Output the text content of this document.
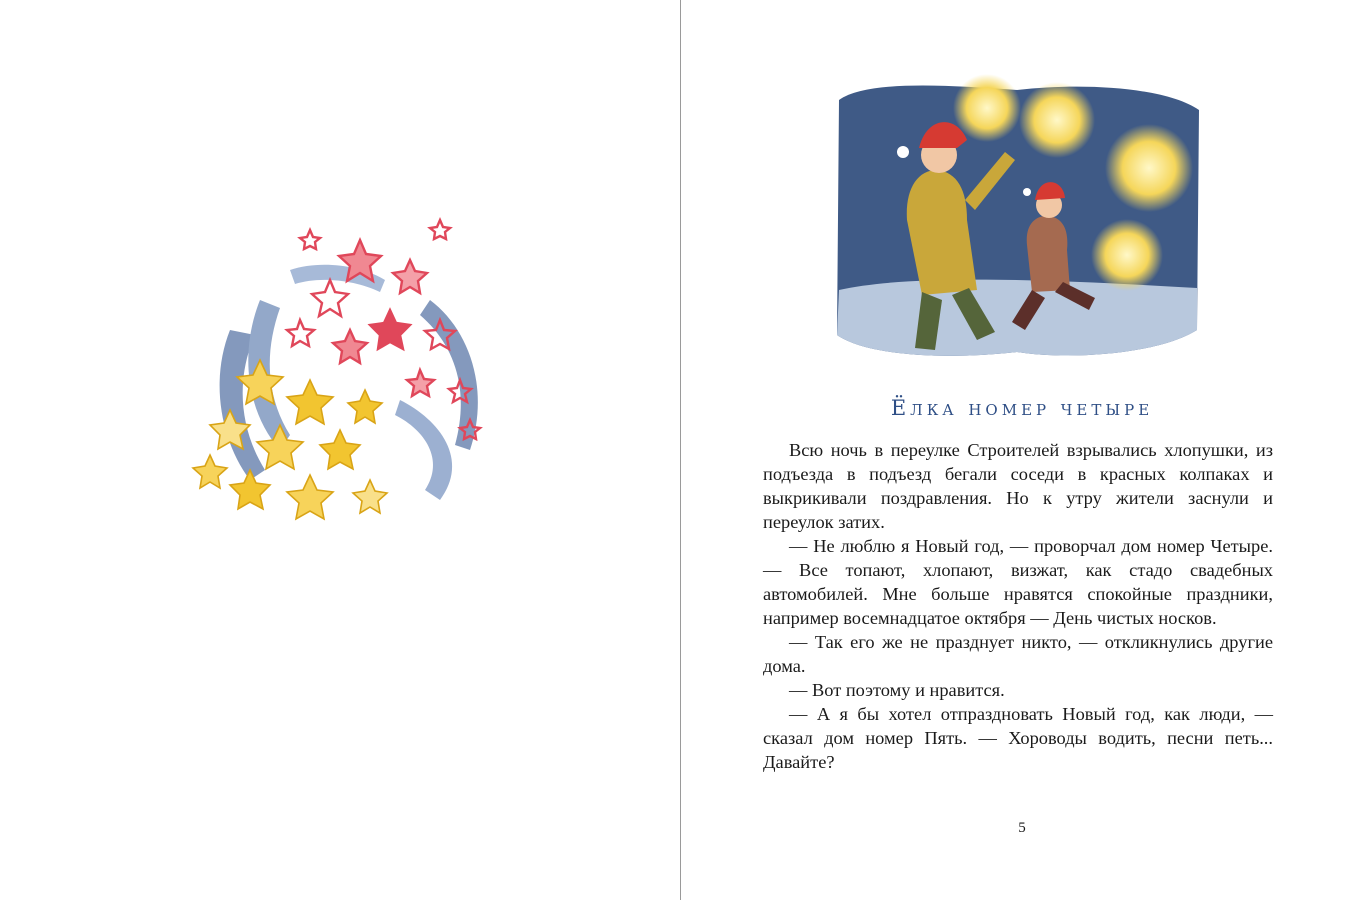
Ёлка номер четыре

Всю ночь в переулке Строителей взрывались хлопушки, из подъезда в подъезд бегали соседи в красных колпаках и выкрикивали поздравления. Но к утру жители заснули и переулок затих.

— Не люблю я Новый год, — проворчал дом номер Четыре. — Все топают, хлопают, визжат, как стадо свадебных автомобилей. Мне больше нравятся спокойные праздники, например восемнадцатое октября — День чистых носков.

— Так его же не празднует никто, — откликнулись другие дома.

— Вот поэтому и нравится.

— А я бы хотел отпраздновать Новый год, как люди, — сказал дом номер Пять. — Хороводы водить, песни петь... Давайте?

5
